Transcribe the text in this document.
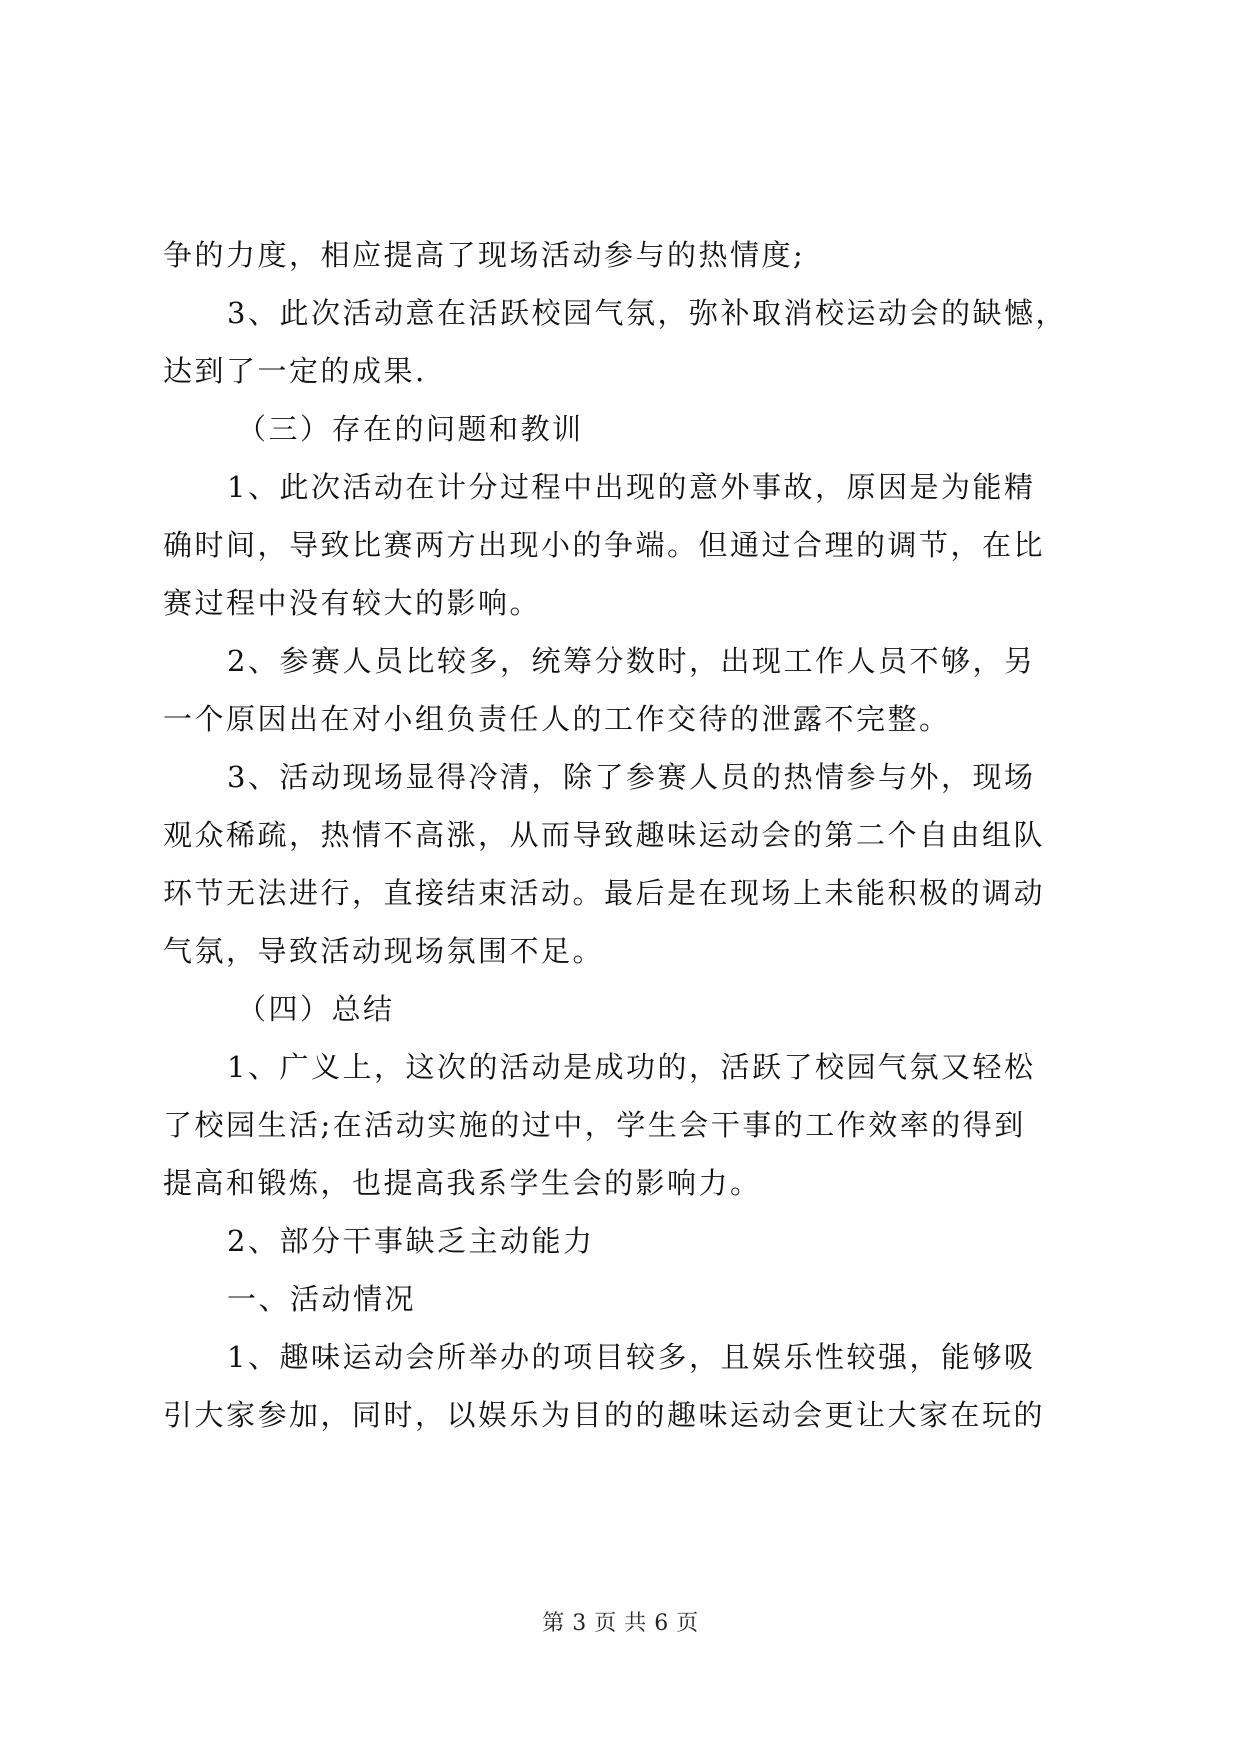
争的力度，相应提高了现场活动参与的热情度;
3、此次活动意在活跃校园气氛，弥补取消校运动会的缺憾，
达到了一定的成果.
（三）存在的问题和教训
1、此次活动在计分过程中出现的意外事故，原因是为能精
确时间，导致比赛两方出现小的争端。但通过合理的调节，在比
赛过程中没有较大的影响。
2、参赛人员比较多，统筹分数时，出现工作人员不够，另
一个原因出在对小组负责任人的工作交待的泄露不完整。
3、活动现场显得冷清，除了参赛人员的热情参与外，现场
观众稀疏，热情不高涨，从而导致趣味运动会的第二个自由组队
环节无法进行，直接结束活动。最后是在现场上未能积极的调动
气氛，导致活动现场氛围不足。
（四）总结
1、广义上，这次的活动是成功的，活跃了校园气氛又轻松
了校园生活;在活动实施的过中，学生会干事的工作效率的得到
提高和锻炼，也提高我系学生会的影响力。
2、部分干事缺乏主动能力
一、活动情况
1、趣味运动会所举办的项目较多，且娱乐性较强，能够吸
引大家参加，同时，以娱乐为目的的趣味运动会更让大家在玩的
第 3 页 共 6 页
